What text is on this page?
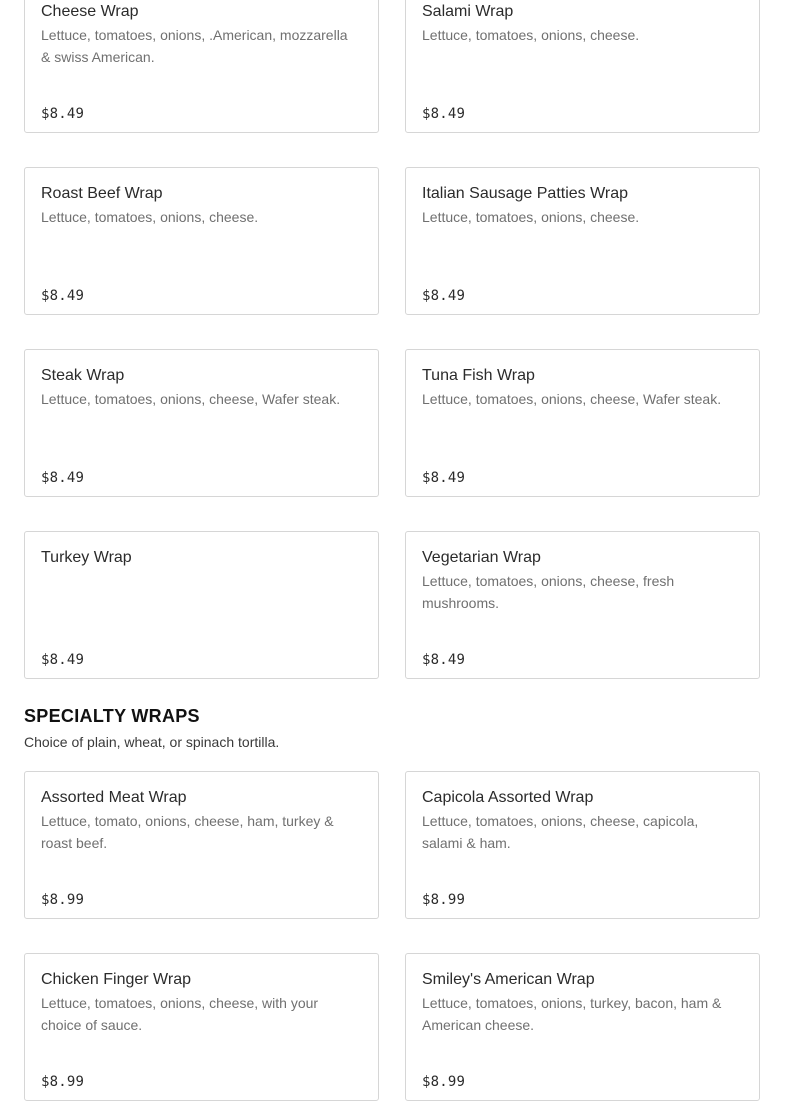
Cheese Wrap
Lettuce, tomatoes, onions, .American, mozzarella & swiss American.
$8.49
Salami Wrap
Lettuce, tomatoes, onions, cheese.
$8.49
Roast Beef Wrap
Lettuce, tomatoes, onions, cheese.
$8.49
Italian Sausage Patties Wrap
Lettuce, tomatoes, onions, cheese.
$8.49
Steak Wrap
Lettuce, tomatoes, onions, cheese, Wafer steak.
$8.49
Tuna Fish Wrap
Lettuce, tomatoes, onions, cheese, Wafer steak.
$8.49
Turkey Wrap
$8.49
Vegetarian Wrap
Lettuce, tomatoes, onions, cheese, fresh mushrooms.
$8.49
SPECIALTY WRAPS
Choice of plain, wheat, or spinach tortilla.
Assorted Meat Wrap
Lettuce, tomato, onions, cheese, ham, turkey & roast beef.
$8.99
Capicola Assorted Wrap
Lettuce, tomatoes, onions, cheese, capicola, salami & ham.
$8.99
Chicken Finger Wrap
Lettuce, tomatoes, onions, cheese, with your choice of sauce.
$8.99
Smiley's American Wrap
Lettuce, tomatoes, onions, turkey, bacon, ham & American cheese.
$8.99
